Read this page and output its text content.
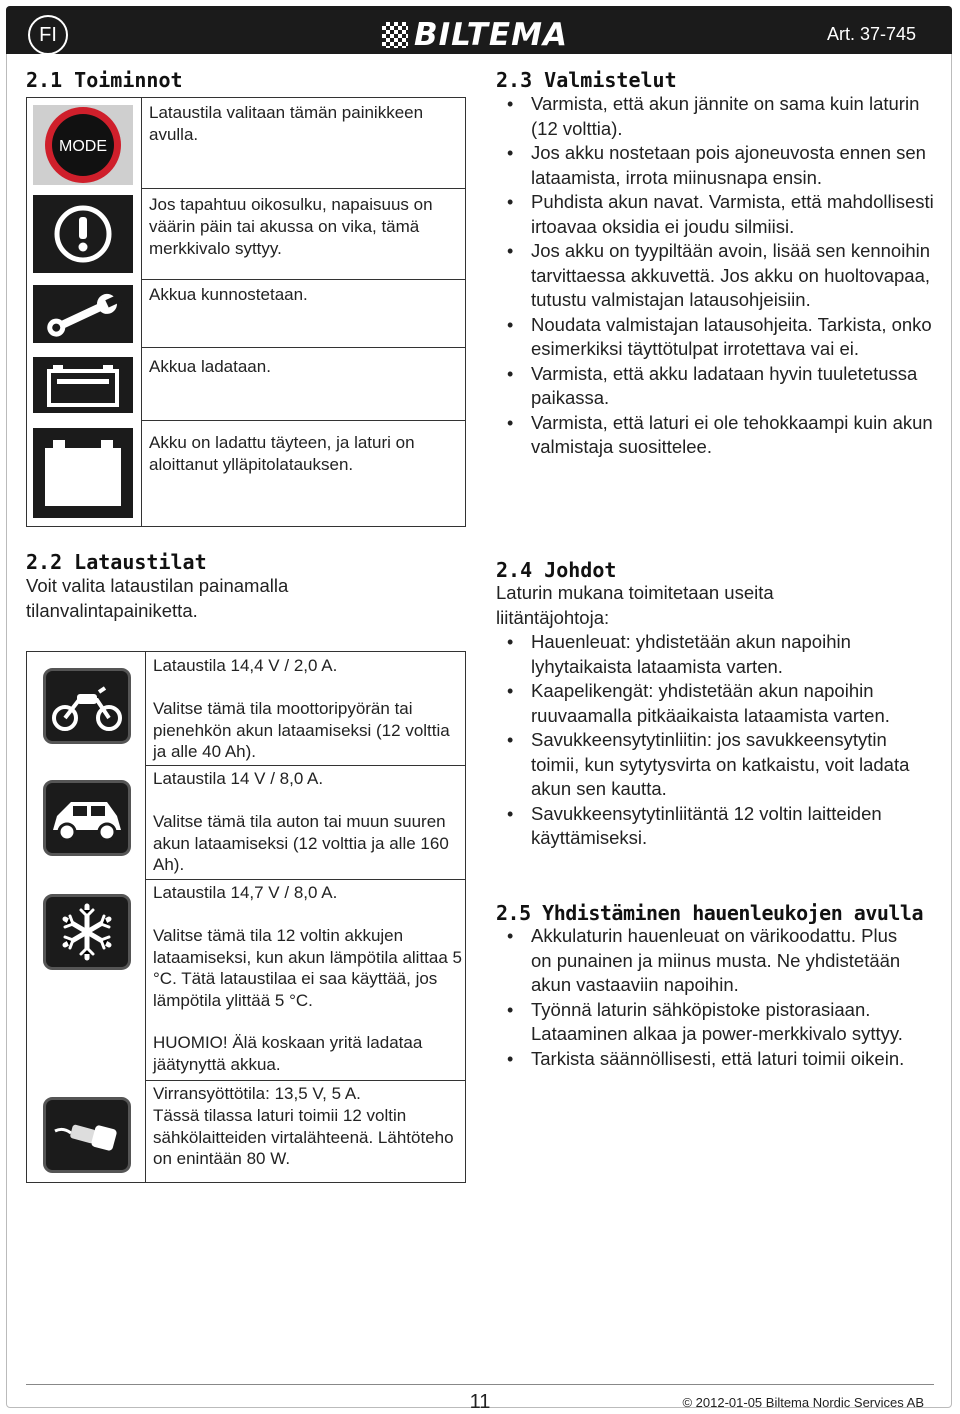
FI	BILTEMA	Art. 37-745
2.1 Toiminnot
MODE
Lataustila valitaan tämän painikkeen avulla.
Jos tapahtuu oikosulku, napaisuus on väärin päin tai akussa on vika, tämä merkkivalo syttyy.
Akkua kunnostetaan.
Akkua ladataan.
Akku on ladattu täyteen, ja laturi on aloittanut ylläpitolatauksen.
2.2 Lataustilat
Voit valita lataustilan painamalla tilanvalintapainiketta.
Lataustila 14,4 V / 2,0 A.
Valitse tämä tila moottoripyörän tai pienehkön akun lataamiseksi (12 volttia ja alle 40 Ah).
Lataustila 14 V / 8,0 A.
Valitse tämä tila auton tai muun suuren akun lataamiseksi (12 volttia ja alle 160 Ah).
Lataustila 14,7 V / 8,0 A.
Valitse tämä tila 12 voltin akkujen lataamiseksi, kun akun lämpötila alittaa 5 °C. Tätä lataustilaa ei saa käyttää, jos lämpötila ylittää 5 °C.
HUOMIO! Älä koskaan yritä ladataa jäätynyttä akkua.
Virransyöttötila: 13,5 V, 5 A.
Tässä tilassa laturi toimii 12 voltin sähkölaitteiden virtalähteenä. Lähtöteho on enintään 80 W.
2.3 Valmistelut
• Varmista, että akun jännite on sama kuin laturin (12 volttia).
• Jos akku nostetaan pois ajoneuvosta ennen sen lataamista, irrota miinusnapa ensin.
• Puhdista akun navat. Varmista, että mahdollisesti irtoavaa oksidia ei joudu silmiisi.
• Jos akku on tyypiltään avoin, lisää sen kennoihin tarvittaessa akkuvettä. Jos akku on huoltovapaa, tutustu valmistajan latausohjeisiin.
• Noudata valmistajan latausohjeita. Tarkista, onko esimerkiksi täyttötulpat irrotettava vai ei.
• Varmista, että akku ladataan hyvin tuuletetussa paikassa.
• Varmista, että laturi ei ole tehokkaampi kuin akun valmistaja suosittelee.
2.4 Johdot
Laturin mukana toimitetaan useita liitäntäjohtoja:
• Hauenleuat: yhdistetään akun napoihin lyhytaikaista lataamista varten.
• Kaapelikengät: yhdistetään akun napoihin ruuvaamalla pitkäaikaista lataamista varten.
• Savukkeensytytinliitin: jos savukkeensytytin toimii, kun sytytysvirta on katkaistu, voit ladata akun sen kautta.
• Savukkeensytytinliitäntä 12 voltin laitteiden käyttämiseksi.
2.5 Yhdistäminen hauenleukojen avulla
• Akkulaturin hauenleuat on värikoodattu. Plus on punainen ja miinus musta. Ne yhdistetään akun vastaaviin napoihin.
• Työnnä laturin sähköpistoke pistorasiaan. Lataaminen alkaa ja power-merkkivalo syttyy.
• Tarkista säännöllisesti, että laturi toimii oikein.
11	© 2012-01-05 Biltema Nordic Services AB
